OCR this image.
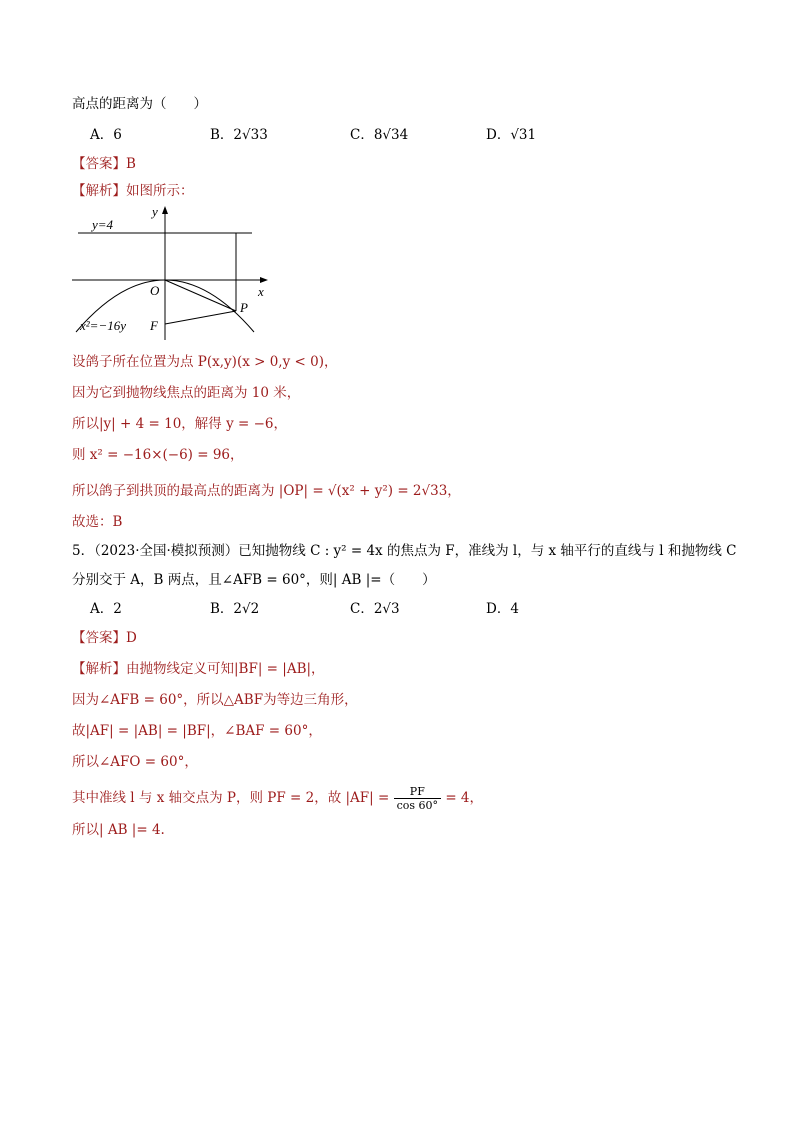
高点的距离为（　　）
A．6	B．2√33	C．8√34	D．√31
【答案】B
【解析】如图所示：
y=4
y
x
O
P
F
x²=−16y
设鸽子所在位置为点 P(x,y)(x > 0,y < 0)，
因为它到抛物线焦点的距离为 10 米，
所以|y| + 4 = 10，解得 y = −6，
则 x² = −16×(−6) = 96，
所以鸽子到拱顶的最高点的距离为 |OP| = √(x² + y²) = 2√33，
故选：B
5．（2023·全国·模拟预测）已知抛物线 C : y² = 4x 的焦点为 F，准线为 l，与 x 轴平行的直线与 l 和抛物线 C
分别交于 A，B 两点，且∠AFB = 60°，则| AB |=（　　）
A．2	B．2√2	C．2√3	D．4
【答案】D
【解析】由抛物线定义可知|BF| = |AB|，
因为∠AFB = 60°，所以△ABF为等边三角形，
故|AF| = |AB| = |BF|，∠BAF = 60°，
所以∠AFO = 60°，
其中准线 l 与 x 轴交点为 P，则 PF = 2，故 $|AF| = \frac{PF}{\cos 60^\circ} = 4$，
所以| AB |= 4.
